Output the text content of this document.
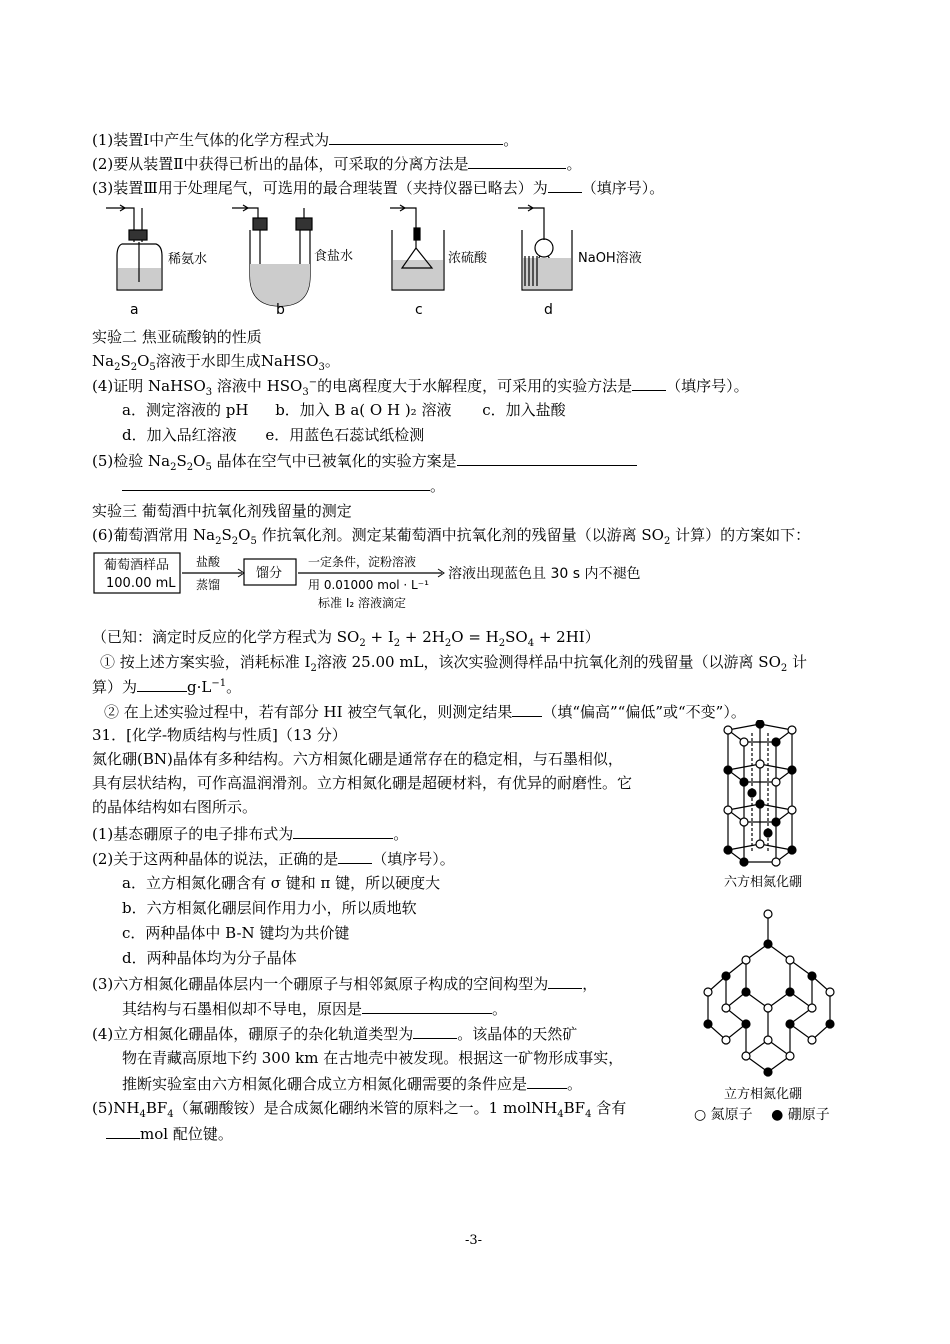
(1)装置Ⅰ中产生气体的化学方程式为	。
(2)要从装置Ⅱ中获得已析出的晶体，可采取的分离方法是	。
(3)装置Ⅲ用于处理尾气，可选用的最合理装置（夹持仪器已略去）为 （填序号）。
稀氨水	食盐水	浓硫酸	NaOH溶液
a	b	c	d
实验二 焦亚硫酸钠的性质
$Na_2S_2O_5$溶液于水即生成NaHSO$_3$。
(4)证明 NaHSO$_3$ 溶液中 $HSO_3^-$的电离程度大于水解程度，可采用的实验方法是 （填序号）。
a．测定溶液的 pH b．加入 B a( O H )₂ 溶液 c．加入盐酸
d．加入品红溶液 e．用蓝色石蕊试纸检测
(5)检验 $Na_2S_2O_5$ 晶体在空气中已被氧化的实验方案是
。
实验三 葡萄酒中抗氧化剂残留量的测定
(6)葡萄酒常用 $Na_2S_2O_5$ 作抗氧化剂。测定某葡萄酒中抗氧化剂的残留量（以游离 $SO_2$ 计算）的方案如下：
葡萄酒样品
100.00 mL
盐酸
蒸馏
馏分
一定条件，淀粉溶液
用 0.01000 mol · L⁻¹
标准 I₂ 溶液滴定
溶液出现蓝色且 30 s 内不褪色
（已知：滴定时反应的化学方程式为 $SO_2 + I_2 + 2H_2O = H_2SO_4 + 2HI$）
① 按上述方案实验，消耗标准 $I_2$溶液 25.00 mL，该次实验测得样品中抗氧化剂的残留量（以游离 $SO_2$ 计
算）为	$g\cdot L^{-1}$。
② 在上述实验过程中，若有部分 HI 被空气氧化，则测定结果 （填“偏高”“偏低”或“不变”）。
31．[化学-物质结构与性质]（13 分）
氮化硼(BN)晶体有多种结构。六方相氮化硼是通常存在的稳定相，与石墨相似，
具有层状结构，可作高温润滑剂。立方相氮化硼是超硬材料，有优异的耐磨性。它
的晶体结构如右图所示。
(1)基态硼原子的电子排布式为	。
(2)关于这两种晶体的说法，正确的是 （填序号）。
a．立方相氮化硼含有 σ 键和 π 键，所以硬度大
b．六方相氮化硼层间作用力小，所以质地软
c．两种晶体中 B-N 键均为共价键
d．两种晶体均为分子晶体
(3)六方相氮化硼晶体层内一个硼原子与相邻氮原子构成的空间构型为 ，
其结构与石墨相似却不导电，原因是	。
(4)立方相氮化硼晶体，硼原子的杂化轨道类型为	。该晶体的天然矿
物在青藏高原地下约 300 km 在古地壳中被发现。根据这一矿物形成事实，
推断实验室由六方相氮化硼合成立方相氮化硼需要的条件应是	。
$(5)NH_4BF_4$（氟硼酸铵）是合成氮化硼纳米管的原料之一。1 $molNH_4BF_4$ 含有
mol 配位键。
六方相氮化硼
立方相氮化硼
○ 氮原子 ● 硼原子
-3-
